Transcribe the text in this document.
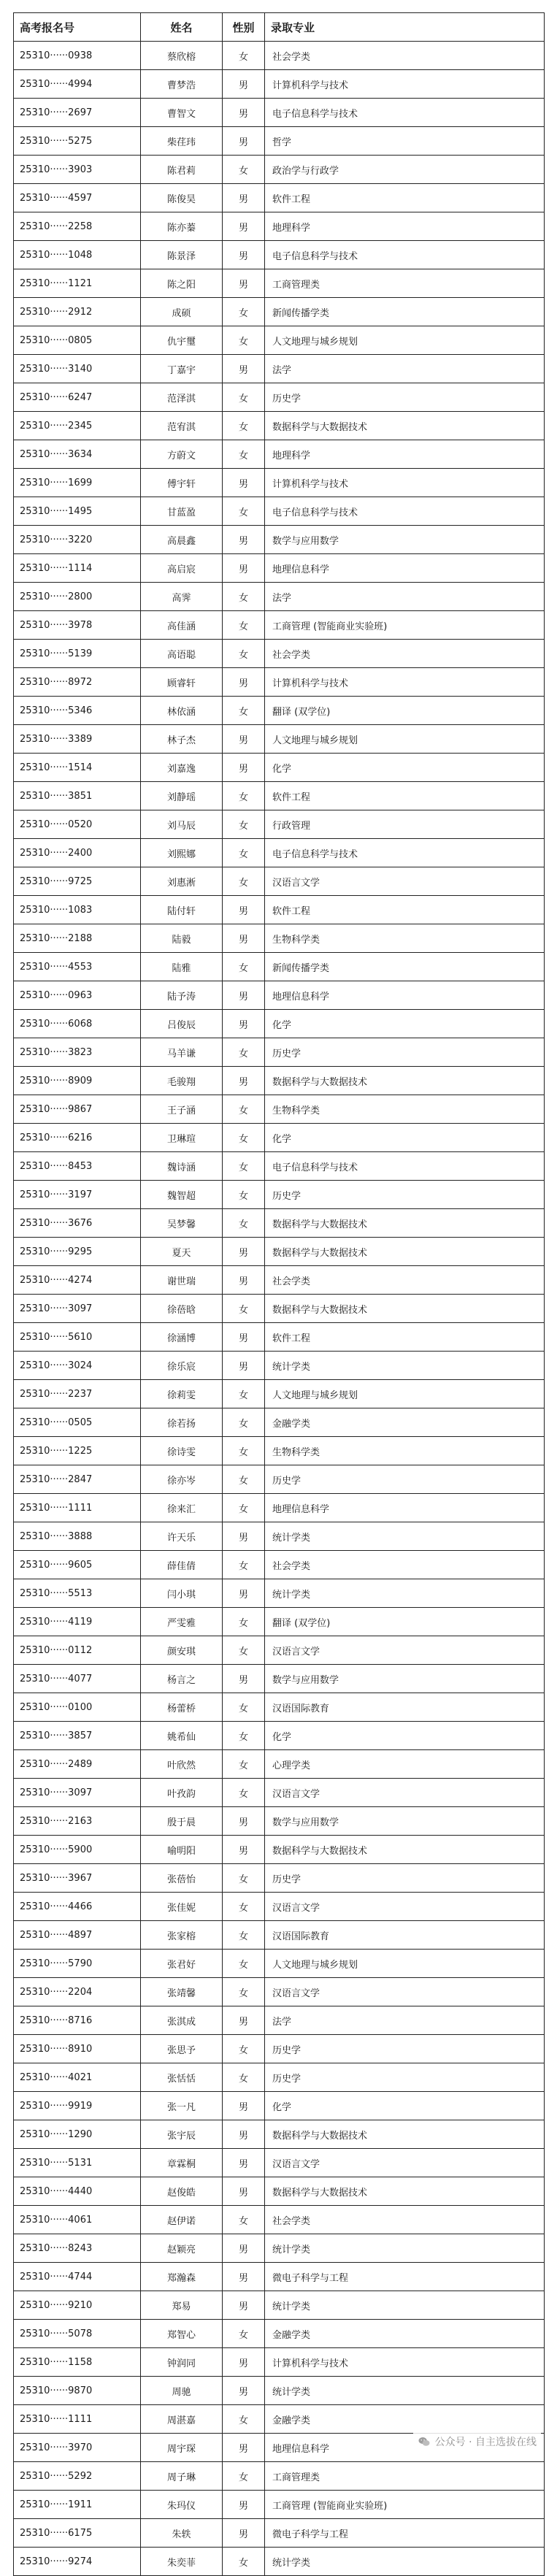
高考报名号	姓名	性别	录取专业
25310······0938	蔡欣榕	女	社会学类
25310······4994	曹梦浩	男	计算机科学与技术
25310······2697	曹智文	男	电子信息科学与技术
25310······5275	柴荏玮	男	哲学
25310······3903	陈君莉	女	政治学与行政学
25310······4597	陈俊昊	男	软件工程
25310······2258	陈亦蓁	男	地理科学
25310······1048	陈景泽	男	电子信息科学与技术
25310······1121	陈之阳	男	工商管理类
25310······2912	成硕	女	新闻传播学类
25310······0805	仇宇璽	女	人文地理与城乡规划
25310······3140	丁嘉宇	男	法学
25310······6247	范泽淇	女	历史学
25310······2345	范宥淇	女	数据科学与大数据技术
25310······3634	方蔚文	女	地理科学
25310······1699	傅宇轩	男	计算机科学与技术
25310······1495	甘蓝盈	女	电子信息科学与技术
25310······3220	高晨鑫	男	数学与应用数学
25310······1114	高启宸	男	地理信息科学
25310······2800	高霁	女	法学
25310······3978	高佳涵	女	工商管理 (智能商业实验班)
25310······5139	高语聪	女	社会学类
25310······8972	顾睿轩	男	计算机科学与技术
25310······5346	林依涵	女	翻译 (双学位)
25310······3389	林子杰	男	人文地理与城乡规划
25310······1514	刘嘉逸	男	化学
25310······3851	刘静瑶	女	软件工程
25310······0520	刘马辰	女	行政管理
25310······2400	刘熙娜	女	电子信息科学与技术
25310······9725	刘惠淅	女	汉语言文学
25310······1083	陆付轩	男	软件工程
25310······2188	陆毅	男	生物科学类
25310······4553	陆雅	女	新闻传播学类
25310······0963	陆予涛	男	地理信息科学
25310······6068	吕俊辰	男	化学
25310······3823	马羊谦	女	历史学
25310······8909	毛骏翔	男	数据科学与大数据技术
25310······9867	王子涵	女	生物科学类
25310······6216	卫琳瑄	女	化学
25310······8453	魏诗涵	女	电子信息科学与技术
25310······3197	魏智超	女	历史学
25310······3676	吴梦馨	女	数据科学与大数据技术
25310······9295	夏天	男	数据科学与大数据技术
25310······4274	谢世瑞	男	社会学类
25310······3097	徐蓓晗	女	数据科学与大数据技术
25310······5610	徐涵博	男	软件工程
25310······3024	徐乐宸	男	统计学类
25310······2237	徐莉雯	女	人文地理与城乡规划
25310······0505	徐若扬	女	金融学类
25310······1225	徐诗雯	女	生物科学类
25310······2847	徐亦岑	女	历史学
25310······1111	徐来汇	女	地理信息科学
25310······3888	许天乐	男	统计学类
25310······9605	薛佳倩	女	社会学类
25310······5513	闫小琪	男	统计学类
25310······4119	严雯雅	女	翻译 (双学位)
25310······0112	颜安琪	女	汉语言文学
25310······4077	杨言之	男	数学与应用数学
25310······0100	杨蕾桥	女	汉语国际教育
25310······3857	姚希仙	女	化学
25310······2489	叶欣然	女	心理学类
25310······3097	叶孜韵	女	汉语言文学
25310······2163	殷于晨	男	数学与应用数学
25310······5900	喻明阳	男	数据科学与大数据技术
25310······3967	张蓓怡	女	历史学
25310······4466	张佳妮	女	汉语言文学
25310······4897	张家榕	女	汉语国际教育
25310······5790	张君好	女	人文地理与城乡规划
25310······2204	张靖馨	女	汉语言文学
25310······8716	张淇成	男	法学
25310······8910	张思予	女	历史学
25310······4021	张恬恬	女	历史学
25310······9919	张一凡	男	化学
25310······1290	张宇辰	男	数据科学与大数据技术
25310······5131	章霖桐	男	汉语言文学
25310······4440	赵俊皓	男	数据科学与大数据技术
25310······4061	赵伊诺	女	社会学类
25310······8243	赵颖亮	男	统计学类
25310······4744	郑瀚森	男	微电子科学与工程
25310······9210	郑易	男	统计学类
25310······5078	郑智心	女	金融学类
25310······1158	钟润同	男	计算机科学与技术
25310······9870	周驰	男	统计学类
25310······1111	周湛嘉	女	金融学类
25310······3970	周宇琛	男	地理信息科学
25310······5292	周子琳	女	工商管理类
25310······1911	朱玛仪	男	工商管理 (智能商业实验班)
25310······6175	朱轶	男	微电子科学与工程
25310······9274	朱奕菲	女	统计学类
公众号 · 自主选拔在线
